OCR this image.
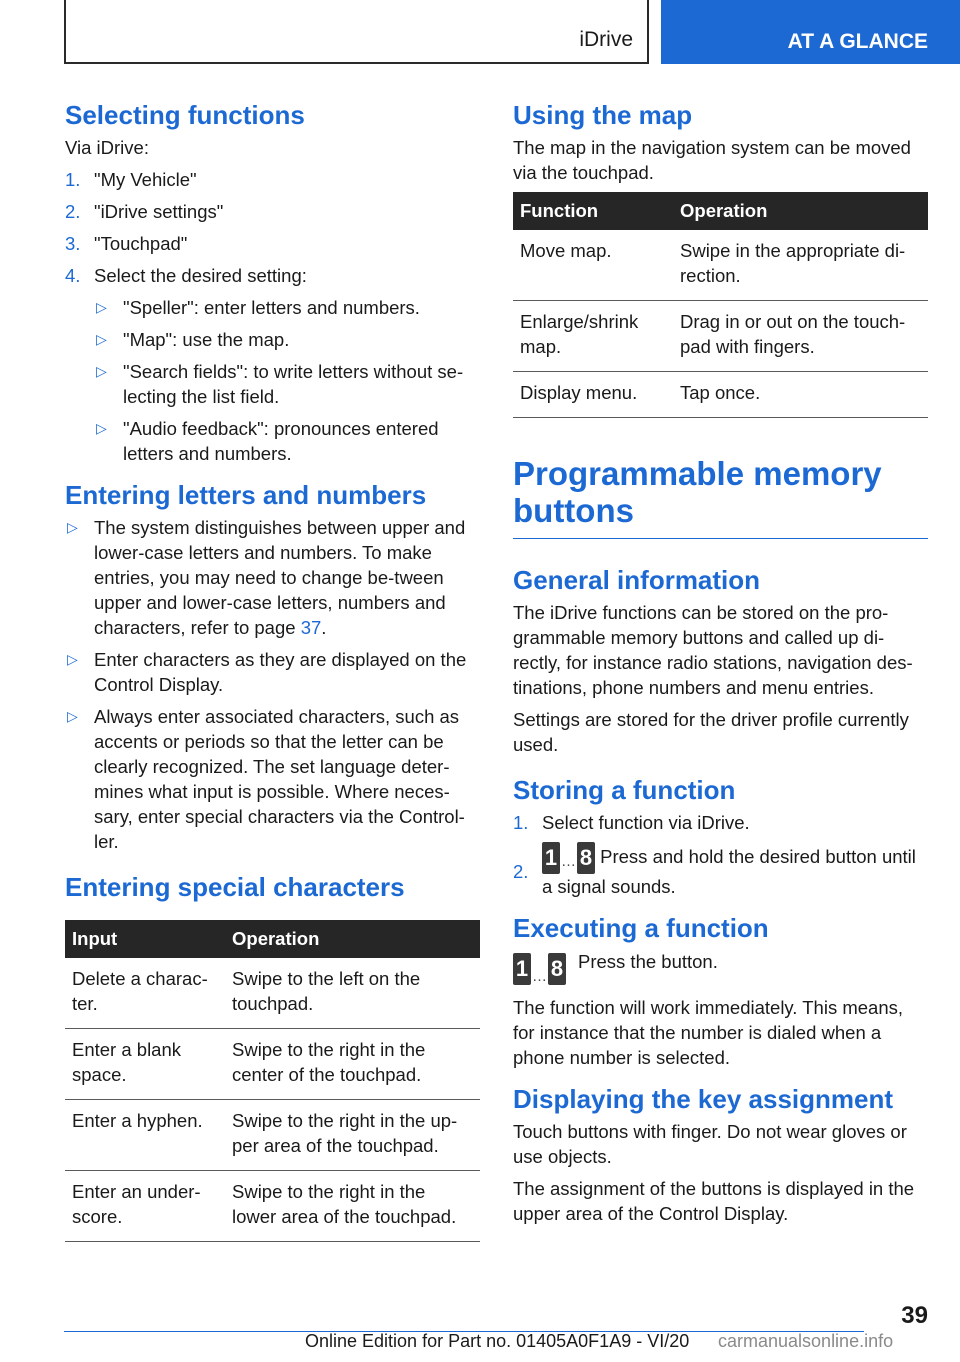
iDrive	AT A GLANCE
Selecting functions

Via iDrive:

1. "My Vehicle"
2. "iDrive settings"
3. "Touchpad"
4. Select the desired setting:
▷ "Speller": enter letters and numbers.
▷ "Map": use the map.
▷ "Search fields": to write letters without se‐lecting the list field.
▷ "Audio feedback": pronounces entered letters and numbers.
Entering letters and numbers
▷ The system distinguishes between upper and lower-case letters and numbers. To make entries, you may need to change be‐tween upper and lower-case letters, numbers and characters, refer to page 37.
▷ Enter characters as they are displayed on the Control Display.
▷ Always enter associated characters, such as accents or periods so that the letter can be clearly recognized. The set language deter‐mines what input is possible. Where neces‐sary, enter special characters via the Control‐ler.
Entering special characters
Input	Operation
Delete a charac‐ter.	Swipe to the left on the touchpad.
Enter a blank space.	Swipe to the right in the center of the touchpad.
Enter a hyphen.	Swipe to the right in the up‐per area of the touchpad.
Enter an under‐score.	Swipe to the right in the lower area of the touchpad.
Using the map

The map in the navigation system can be moved via the touchpad.

Function	Operation
Move map.	Swipe in the appropriate di‐rection.
Enlarge/shrink map.	Drag in or out on the touch‐pad with fingers.
Display menu.	Tap once.
Programmable memory buttons
General information

The iDrive functions can be stored on the pro‐grammable memory buttons and called up di‐rectly, for instance radio stations, navigation des‐tinations, phone numbers and menu entries.

Settings are stored for the driver profile currently used.

Storing a function
1. Select function via iDrive.
2.
1 … 8 Press and hold the desired button until a signal sounds.
Executing a function
1 … 8 Press the button.

The function will work immediately. This means, for instance that the number is dialed when a phone number is selected.

Displaying the key assignment

Touch buttons with finger. Do not wear gloves or use objects.

The assignment of the buttons is displayed in the upper area of the Control Display.

39
Online Edition for Part no. 01405A0F1A9 - VI/20 carmanualsonline.info
